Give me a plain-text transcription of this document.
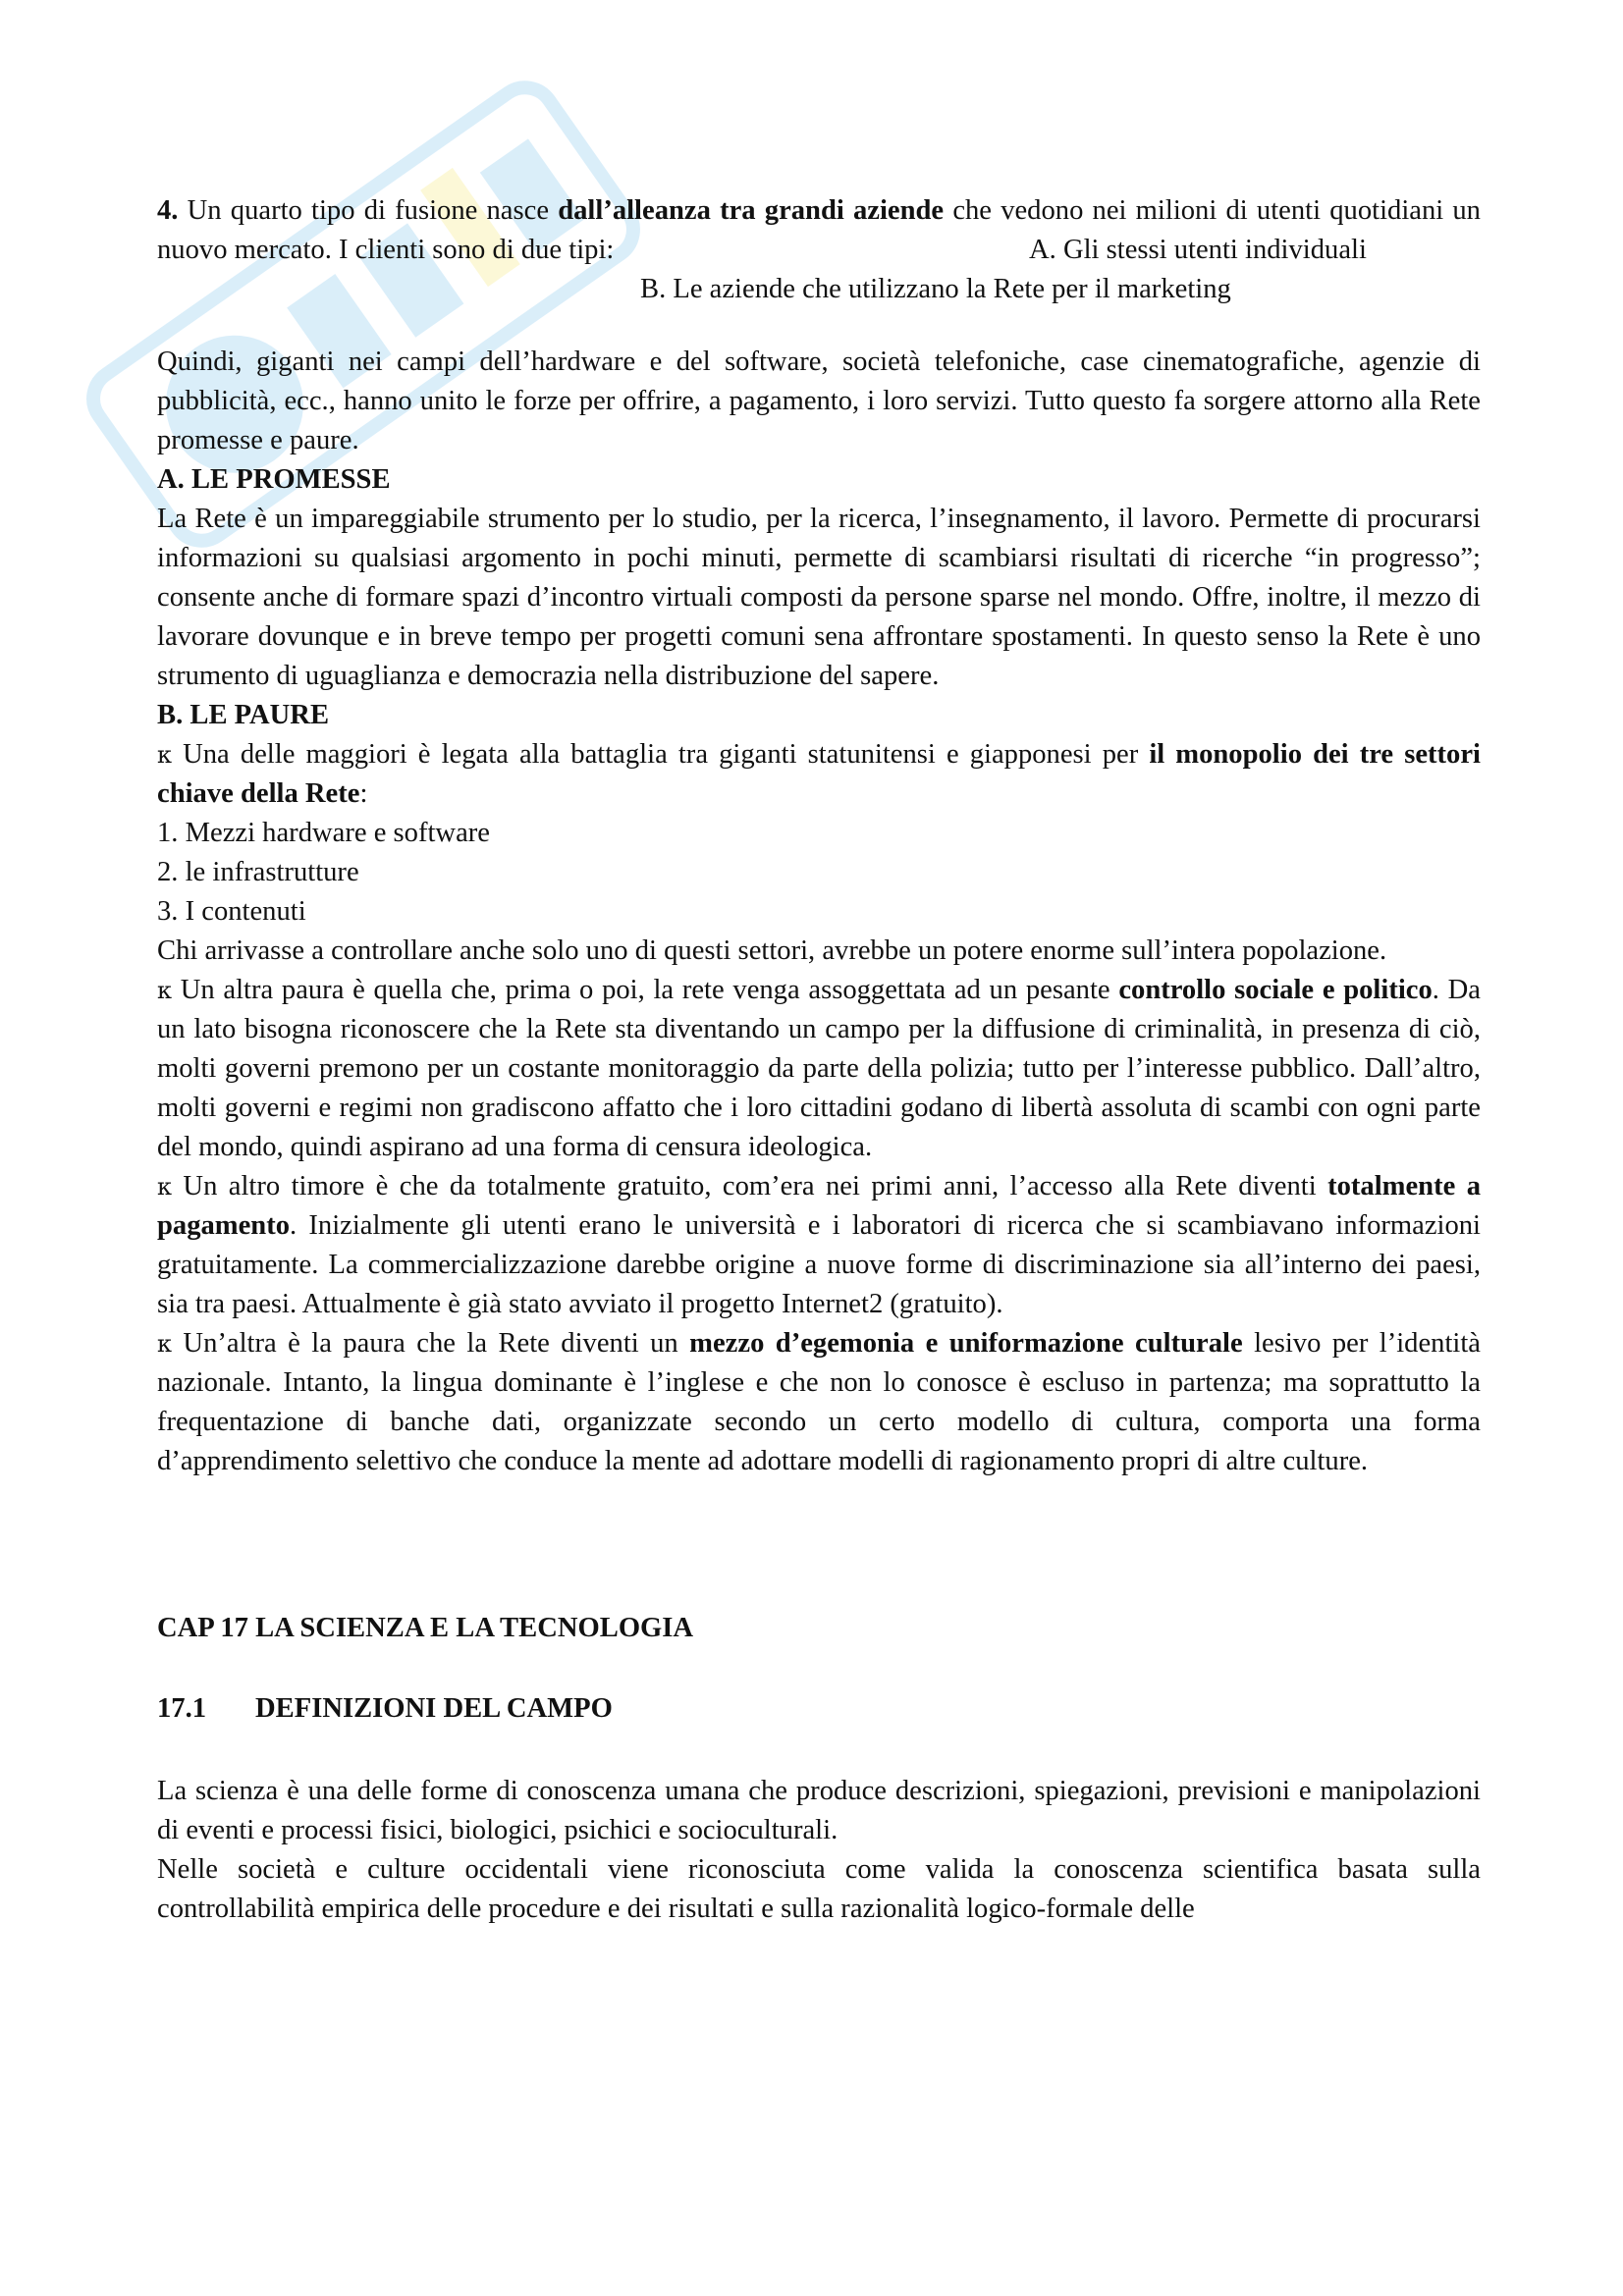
4. Un quarto tipo di fusione nasce dall’alleanza tra grandi aziende che vedono nei milioni di utenti quotidiani un nuovo mercato. I clienti sono di due tipi:	A. Gli stessi utenti individuali
B. Le aziende che utilizzano la Rete per il marketing

Quindi, giganti nei campi dell’hardware e del software, società telefoniche, case cinematografiche, agenzie di pubblicità, ecc., hanno unito le forze per offrire, a pagamento, i loro servizi. Tutto questo fa sorgere attorno alla Rete promesse e paure.

A. LE PROMESSE

La Rete è un impareggiabile strumento per lo studio, per la ricerca, l’insegnamento, il lavoro. Permette di procurarsi informazioni su qualsiasi argomento in pochi minuti, permette di scambiarsi risultati di ricerche “in progresso”; consente anche di formare spazi d’incontro virtuali composti da persone sparse nel mondo. Offre, inoltre, il mezzo di lavorare dovunque e in breve tempo per progetti comuni sena affrontare spostamenti. In questo senso la Rete è uno strumento di uguaglianza e democrazia nella distribuzione del sapere.

B. LE PAURE

κ Una delle maggiori è legata alla battaglia tra giganti statunitensi e giapponesi per il monopolio dei tre settori chiave della Rete:

1. Mezzi hardware e software

2. le infrastrutture

3. I contenuti

Chi arrivasse a controllare anche solo uno di questi settori, avrebbe un potere enorme sull’intera popolazione.

κ Un altra paura è quella che, prima o poi, la rete venga assoggettata ad un pesante controllo sociale e politico. Da un lato bisogna riconoscere che la Rete sta diventando un campo per la diffusione di criminalità, in presenza di ciò, molti governi premono per un costante monitoraggio da parte della polizia; tutto per l’interesse pubblico. Dall’altro, molti governi e regimi non gradiscono affatto che i loro cittadini godano di libertà assoluta di scambi con ogni parte del mondo, quindi aspirano ad una forma di censura ideologica.

κ Un altro timore è che da totalmente gratuito, com’era nei primi anni, l’accesso alla Rete diventi totalmente a pagamento. Inizialmente gli utenti erano le università e i laboratori di ricerca che si scambiavano informazioni gratuitamente. La commercializzazione darebbe origine a nuove forme di discriminazione sia all’interno dei paesi, sia tra paesi. Attualmente è già stato avviato il progetto Internet2 (gratuito).

κ Un’altra è la paura che la Rete diventi un mezzo d’egemonia e uniformazione culturale lesivo per l’identità nazionale. Intanto, la lingua dominante è l’inglese e che non lo conosce è escluso in partenza; ma soprattutto la frequentazione di banche dati, organizzate secondo un certo modello di cultura, comporta una forma d’apprendimento selettivo che conduce la mente ad adottare modelli di ragionamento propri di altre culture.

CAP 17 LA SCIENZA E LA TECNOLOGIA

17.1 DEFINIZIONI DEL CAMPO

La scienza è una delle forme di conoscenza umana che produce descrizioni, spiegazioni, previsioni e manipolazioni di eventi e processi fisici, biologici, psichici e socioculturali.

Nelle società e culture occidentali viene riconosciuta come valida la conoscenza scientifica basata sulla controllabilità empirica delle procedure e dei risultati e sulla razionalità logico-formale delle
